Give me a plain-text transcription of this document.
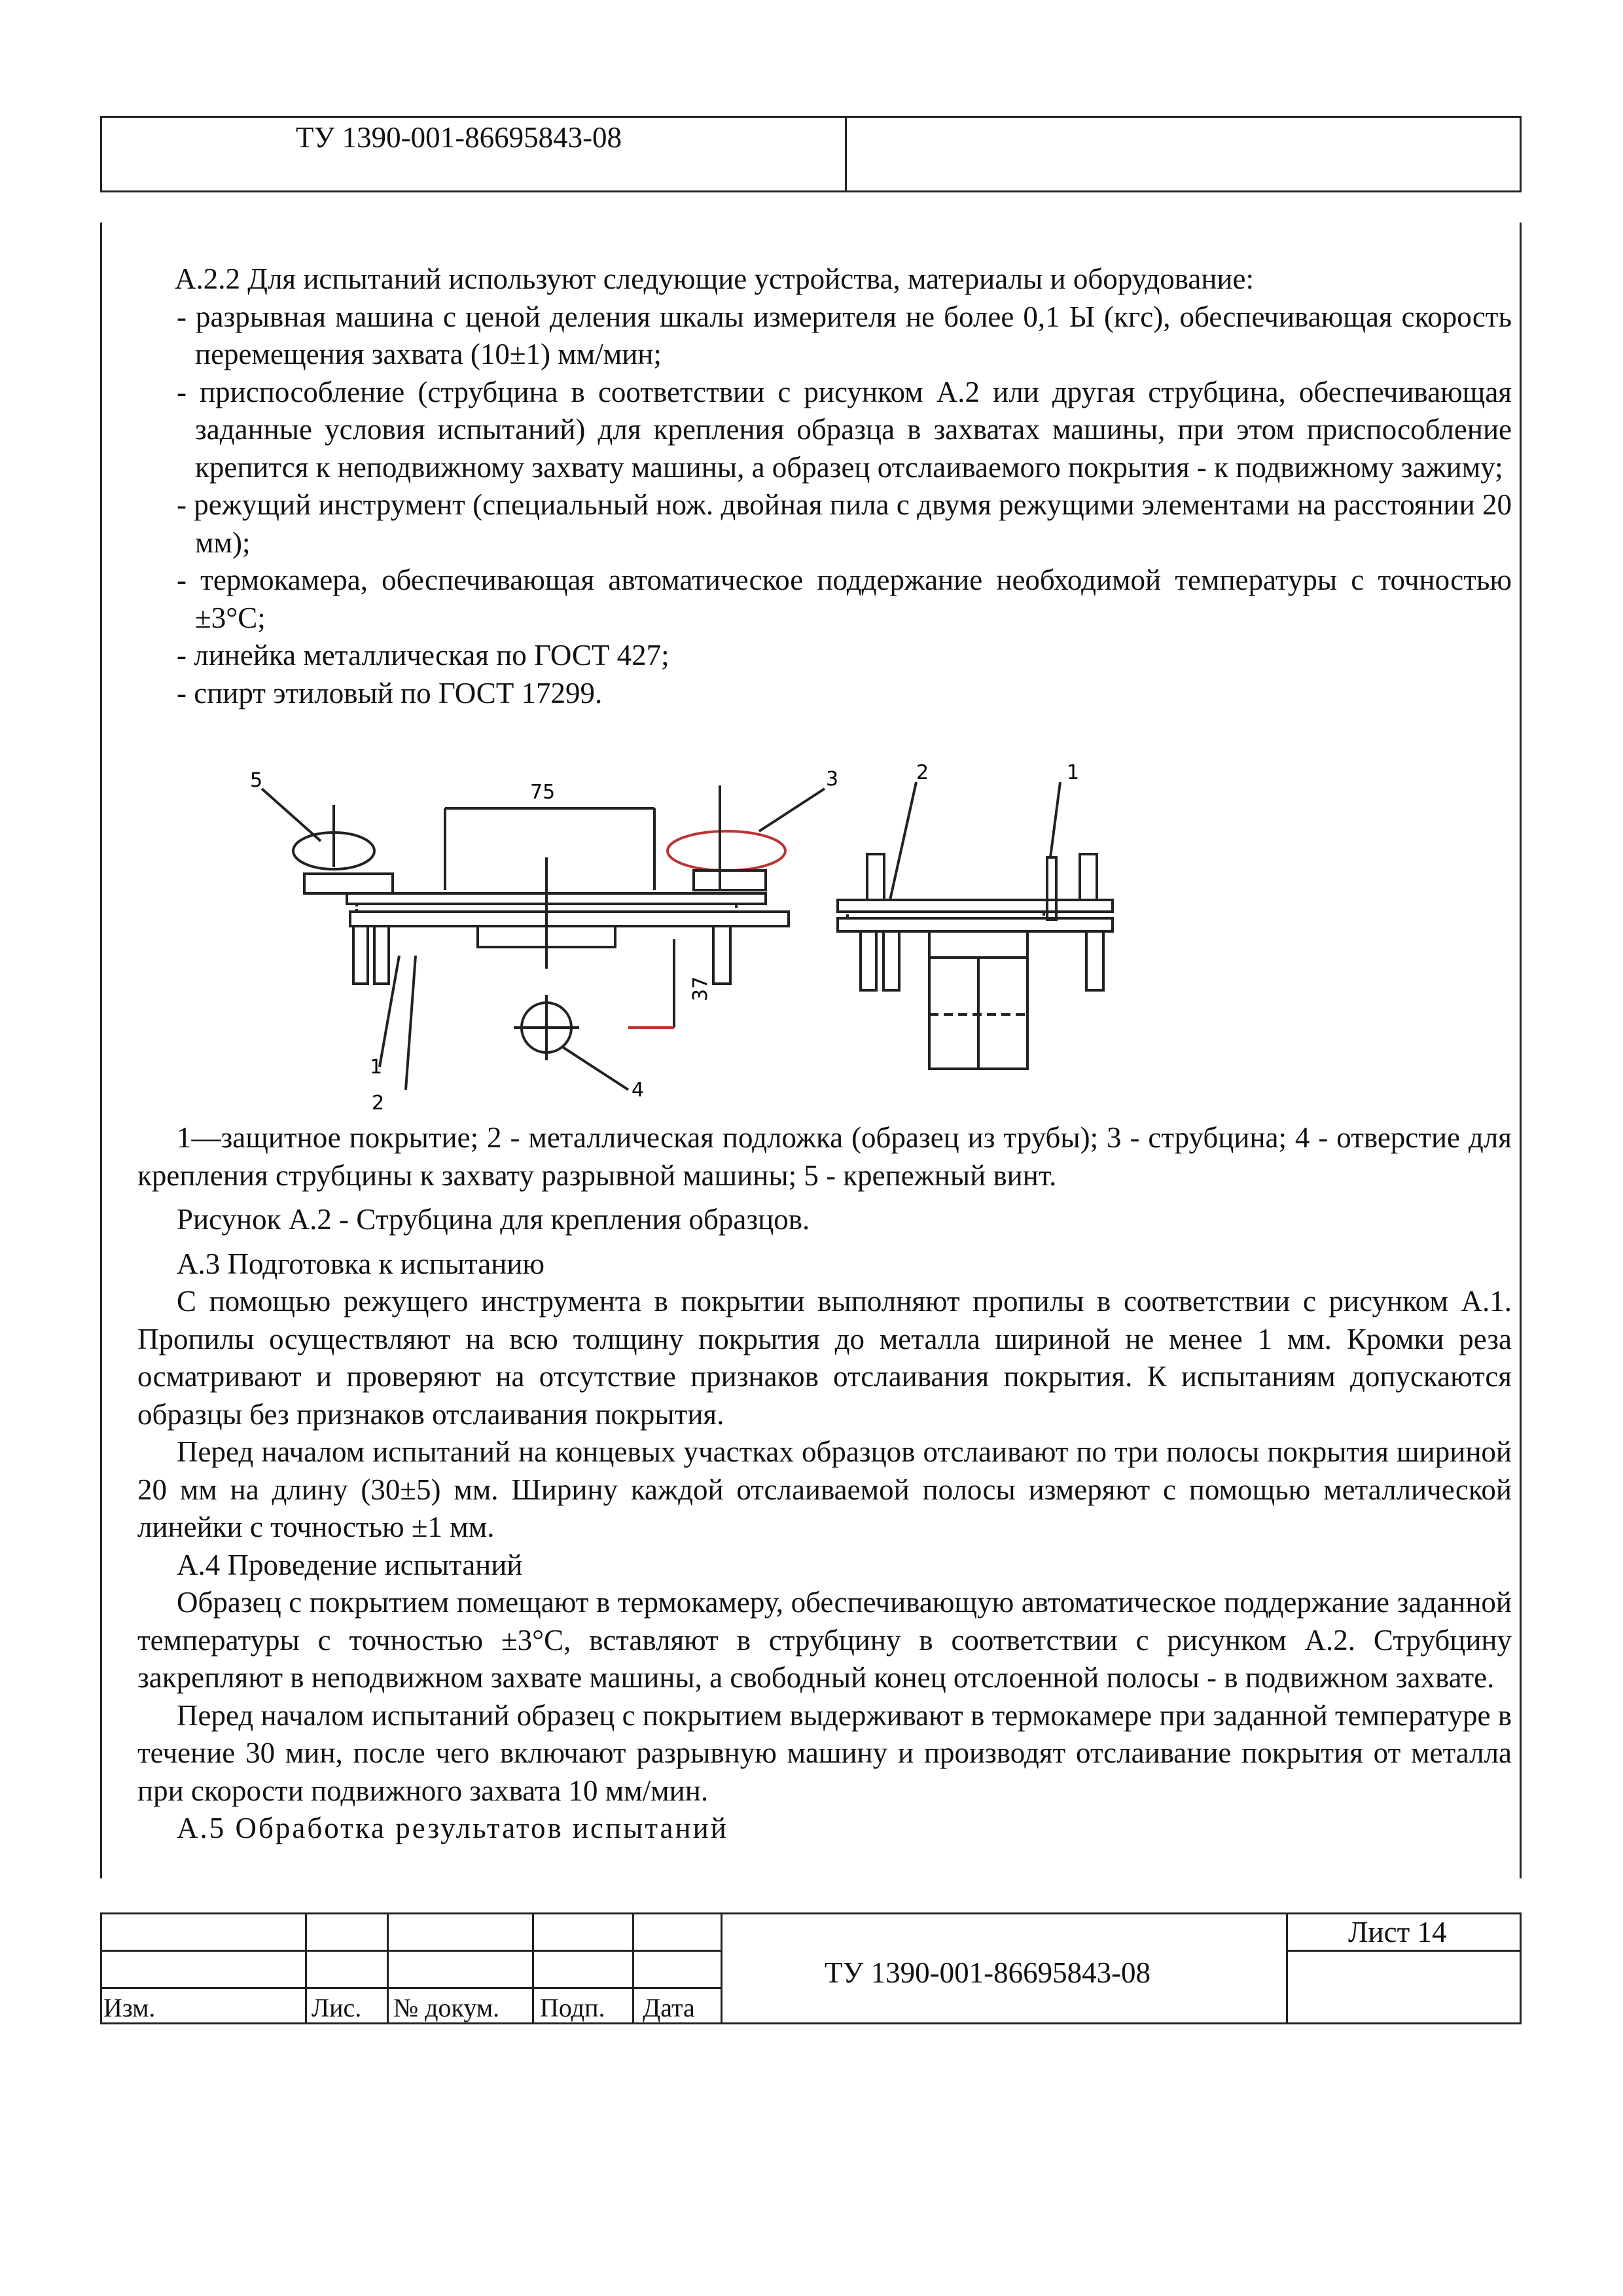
ТУ 1390-001-86695843-08

А.2.2 Для испытаний используют следующие устройства, материалы и оборудование:

- разрывная машина с ценой деления шкалы измерителя не более 0,1 Ы (кгс), обеспечивающая скорость перемещения захвата (10±1) мм/мин;

- приспособление (струбцина в соответствии с рисунком А.2 или другая струбцина, обеспечивающая заданные условия испытаний) для крепления образца в захватах машины, при этом приспособление крепится к неподвижному захвату машины, а образец отслаиваемого покрытия - к подвижному зажиму;

- режущий инструмент (специальный нож. двойная пила с двумя режущими элементами на расстоянии 20 мм);

- термокамера, обеспечивающая автоматическое поддержание необходимой температуры с точностью ±3°С;

- линейка металлическая по ГОСТ 427;

- спирт этиловый по ГОСТ 17299.

5	3
75
37
1
2
4
2	1

1—защитное покрытие; 2 - металлическая подложка (образец из трубы); 3 - струбцина; 4 - отверстие для крепления струбцины к захвату разрывной машины; 5 - крепежный винт.

Рисунок А.2 - Струбцина для крепления образцов.

А.3 Подготовка к испытанию

С помощью режущего инструмента в покрытии выполняют пропилы в соответствии с рисунком А.1. Пропилы осуществляют на всю толщину покрытия до металла шириной не менее 1 мм. Кромки реза осматривают и проверяют на отсутствие признаков отслаивания покрытия. К испытаниям допускаются образцы без признаков отслаивания покрытия.

Перед началом испытаний на концевых участках образцов отслаивают по три полосы покрытия шириной 20 мм на длину (30±5) мм. Ширину каждой отслаиваемой полосы измеряют с помощью металлической линейки с точностью ±1 мм.

А.4 Проведение испытаний

Образец с покрытием помещают в термокамеру, обеспечивающую автоматическое поддержание заданной температуры с точностью ±3°С, вставляют в струбцину в соответствии с рисунком А.2. Струбцину закрепляют в неподвижном захвате машины, а свободный конец отслоенной полосы - в подвижном захвате.

Перед началом испытаний образец с покрытием выдерживают в термокамере при заданной температуре в течение 30 мин, после чего включают разрывную машину и производят отслаивание покрытия от металла при скорости подвижного захвата 10 мм/мин.

А.5 Обработка результатов испытаний

Изм.	Лис. № докум. Подп. Дата
ТУ 1390-001-86695843-08
Лист 14
